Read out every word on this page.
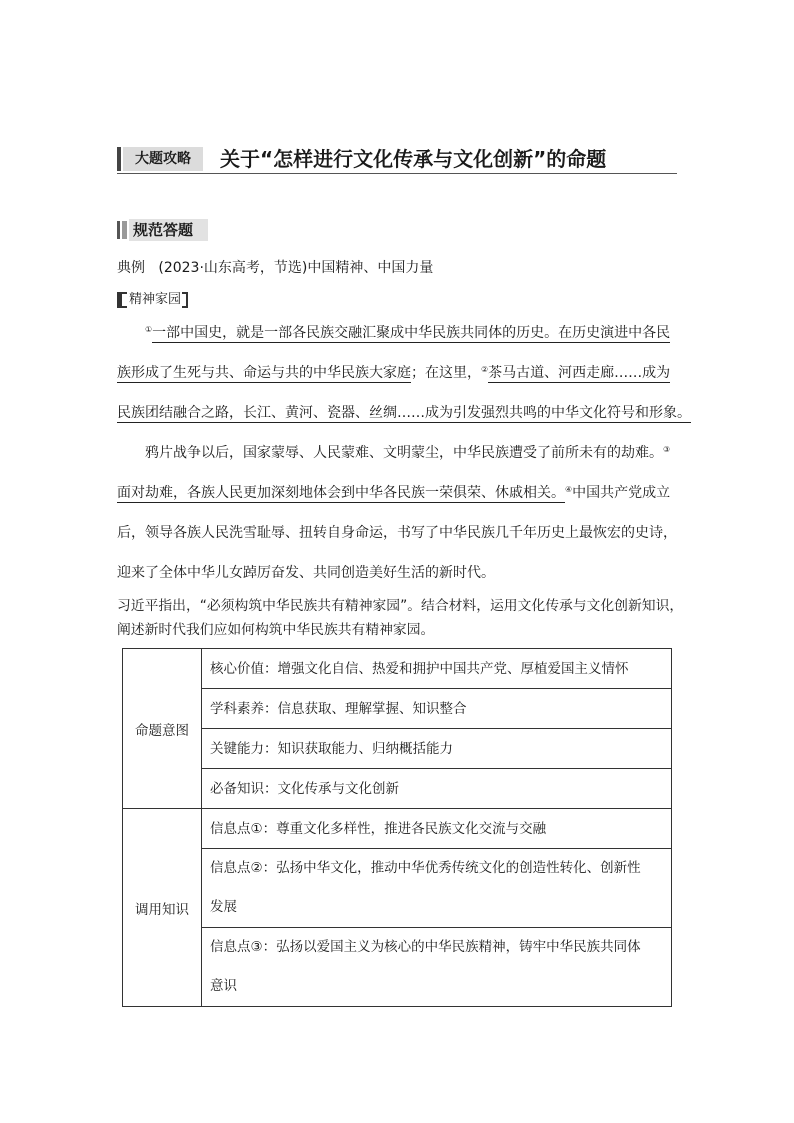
大题攻略	关于“怎样进行文化传承与文化创新”的命题
规范答题
典例 (2023·山东高考，节选)中国精神、中国力量
精神家园
①一部中国史，就是一部各民族交融汇聚成中华民族共同体的历史。在历史演进中各民
族形成了生死与共、命运与共的中华民族大家庭；在这里，②茶马古道、河西走廊……成为
民族团结融合之路，长江、黄河、瓷器、丝绸……成为引发强烈共鸣的中华文化符号和形象。
鸦片战争以后，国家蒙辱、人民蒙难、文明蒙尘，中华民族遭受了前所未有的劫难。③
面对劫难，各族人民更加深刻地体会到中华各民族一荣俱荣、休戚相关。④中国共产党成立
后，领导各族人民洗雪耻辱、扭转自身命运，书写了中华民族几千年历史上最恢宏的史诗，
迎来了全体中华儿女踔厉奋发、共同创造美好生活的新时代。
习近平指出，“必须构筑中华民族共有精神家园”。结合材料，运用文化传承与文化创新知识，
阐述新时代我们应如何构筑中华民族共有精神家园。
命题意图	核心价值：增强文化自信、热爱和拥护中国共产党、厚植爱国主义情怀
	学科素养：信息获取、理解掌握、知识整合
	关键能力：知识获取能力、归纳概括能力
	必备知识：文化传承与文化创新
调用知识	信息点①：尊重文化多样性，推进各民族文化交流与交融

	信息点②：弘扬中华文化，推动中华优秀传统文化的创造性转化、创新性
发展

	信息点③：弘扬以爱国主义为核心的中华民族精神，铸牢中华民族共同体
意识
